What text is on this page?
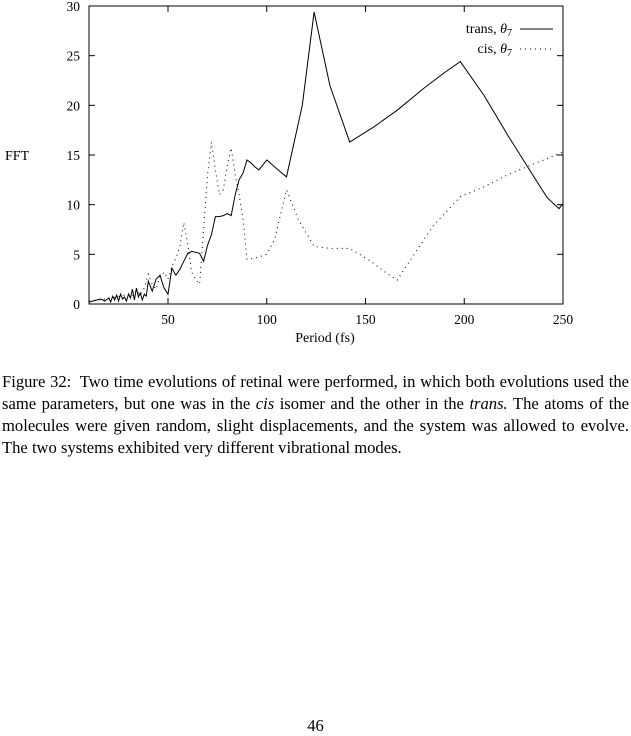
0
5
10
15
20
25
30
50	100	150	200	250
FFT
Period (fs)
trans, $\theta_7$
cis, $\theta_7$
Figure 32: Two time evolutions of retinal were performed, in which both evolutions used the same parameters, but one was in the cis isomer and the other in the trans. The atoms of the molecules were given random, slight displacements, and the system was allowed to evolve. The two systems exhibited very different vibrational modes.
46
